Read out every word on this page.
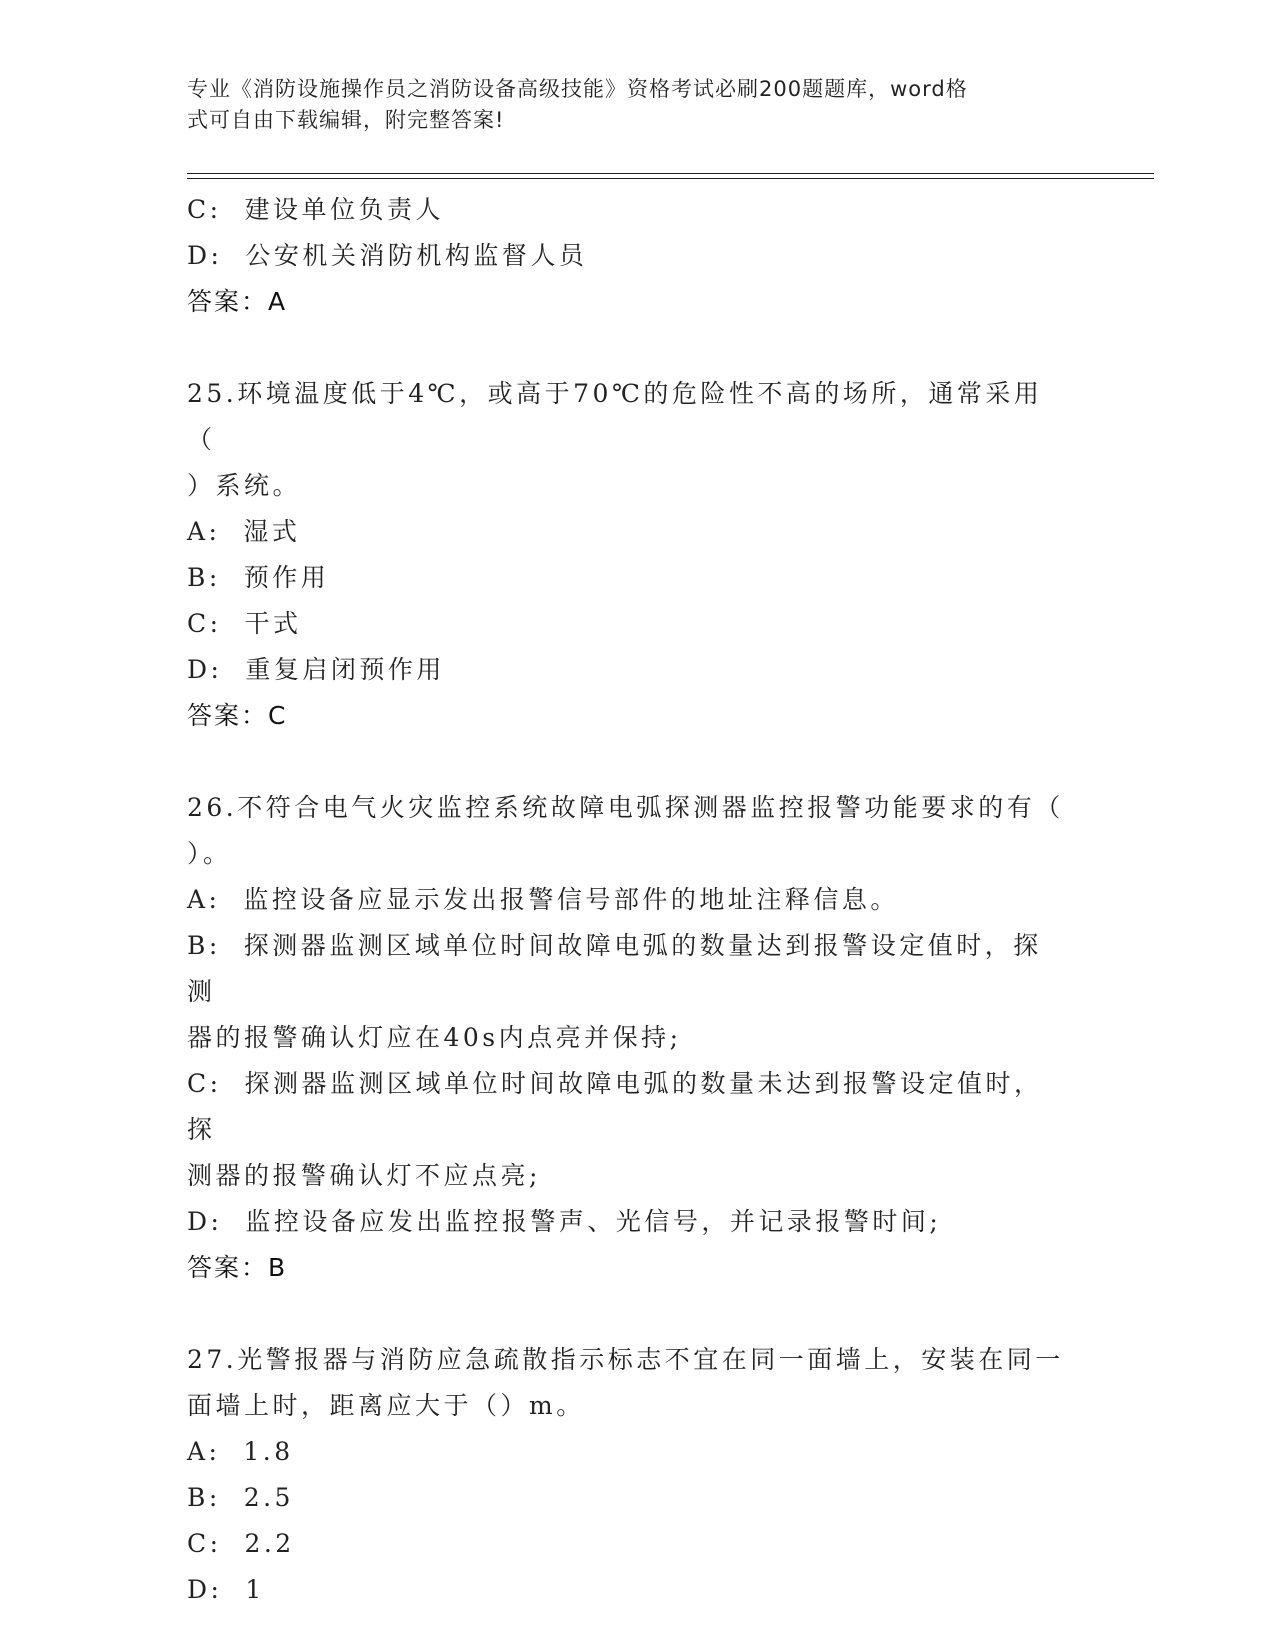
专业《消防设施操作员之消防设备高级技能》资格考试必刷200题题库，word格
式可自由下载编辑，附完整答案!
C:  建设单位负责人
D:  公安机关消防机构监督人员
答案：A
25.环境温度低于4℃，或高于70℃的危险性不高的场所，通常采用（
）系统。
A:  湿式
B:  预作用
C:  干式
D:  重复启闭预作用
答案：C
26.不符合电气火灾监控系统故障电弧探测器监控报警功能要求的有（
）。
A:  监控设备应显示发出报警信号部件的地址注释信息。
B:  探测器监测区域单位时间故障电弧的数量达到报警设定值时，探测
器的报警确认灯应在40s内点亮并保持;
C:  探测器监测区域单位时间故障电弧的数量未达到报警设定值时，探
测器的报警确认灯不应点亮;
D:  监控设备应发出监控报警声、光信号，并记录报警时间;
答案：B
27.光警报器与消防应急疏散指示标志不宜在同一面墙上，安装在同一
面墙上时，距离应大于（）m。
A:  1.8
B:  2.5
C:  2.2
D:  1
